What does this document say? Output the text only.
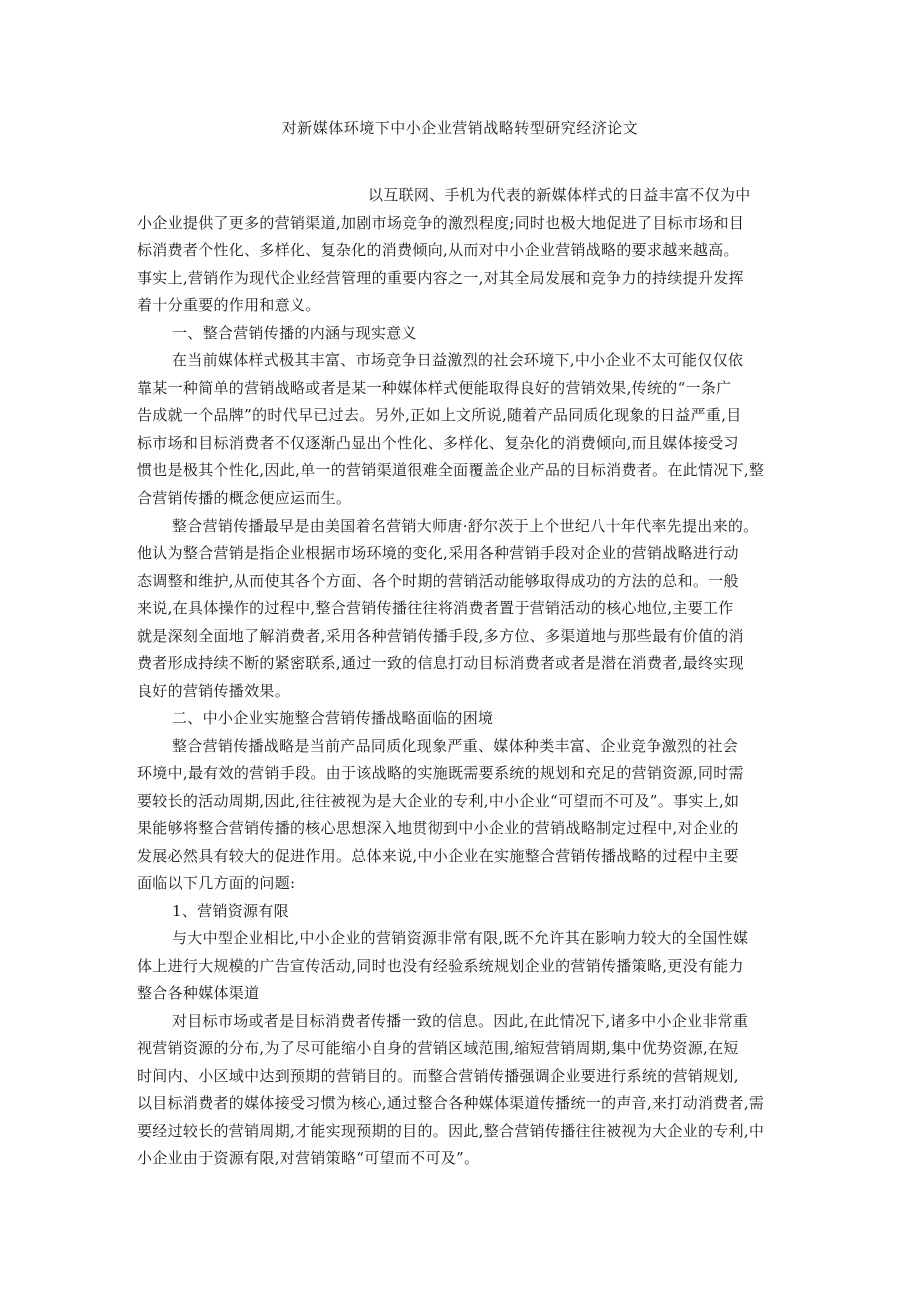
对新媒体环境下中小企业营销战略转型研究经济论文
以互联网、手机为代表的新媒体样式的日益丰富不仅为中
小企业提供了更多的营销渠道,加剧市场竞争的激烈程度;同时也极大地促进了目标市场和目
标消费者个性化、多样化、复杂化的消费倾向,从而对中小企业营销战略的要求越来越高。
事实上,营销作为现代企业经营管理的重要内容之一,对其全局发展和竞争力的持续提升发挥
着十分重要的作用和意义。
一、整合营销传播的内涵与现实意义
在当前媒体样式极其丰富、市场竞争日益激烈的社会环境下,中小企业不太可能仅仅依
靠某一种简单的营销战略或者是某一种媒体样式便能取得良好的营销效果,传统的“一条广
告成就一个品牌”的时代早已过去。另外,正如上文所说,随着产品同质化现象的日益严重,目
标市场和目标消费者不仅逐渐凸显出个性化、多样化、复杂化的消费倾向,而且媒体接受习
惯也是极其个性化,因此,单一的营销渠道很难全面覆盖企业产品的目标消费者。在此情况下,整
合营销传播的概念便应运而生。
整合营销传播最早是由美国着名营销大师唐·舒尔茨于上个世纪八十年代率先提出来的。
他认为整合营销是指企业根据市场环境的变化,采用各种营销手段对企业的营销战略进行动
态调整和维护,从而使其各个方面、各个时期的营销活动能够取得成功的方法的总和。一般
来说,在具体操作的过程中,整合营销传播往往将消费者置于营销活动的核心地位,主要工作
就是深刻全面地了解消费者,采用各种营销传播手段,多方位、多渠道地与那些最有价值的消
费者形成持续不断的紧密联系,通过一致的信息打动目标消费者或者是潜在消费者,最终实现
良好的营销传播效果。
二、中小企业实施整合营销传播战略面临的困境
整合营销传播战略是当前产品同质化现象严重、媒体种类丰富、企业竞争激烈的社会
环境中,最有效的营销手段。由于该战略的实施既需要系统的规划和充足的营销资源,同时需
要较长的活动周期,因此,往往被视为是大企业的专利,中小企业“可望而不可及”。事实上,如
果能够将整合营销传播的核心思想深入地贯彻到中小企业的营销战略制定过程中,对企业的
发展必然具有较大的促进作用。总体来说,中小企业在实施整合营销传播战略的过程中主要
面临以下几方面的问题:
1、营销资源有限
与大中型企业相比,中小企业的营销资源非常有限,既不允许其在影响力较大的全国性媒
体上进行大规模的广告宣传活动,同时也没有经验系统规划企业的营销传播策略,更没有能力
整合各种媒体渠道
对目标市场或者是目标消费者传播一致的信息。因此,在此情况下,诸多中小企业非常重
视营销资源的分布,为了尽可能缩小自身的营销区域范围,缩短营销周期,集中优势资源,在短
时间内、小区域中达到预期的营销目的。而整合营销传播强调企业要进行系统的营销规划,
以目标消费者的媒体接受习惯为核心,通过整合各种媒体渠道传播统一的声音,来打动消费者,需
要经过较长的营销周期,才能实现预期的目的。因此,整合营销传播往往被视为大企业的专利,中
小企业由于资源有限,对营销策略“可望而不可及”。
